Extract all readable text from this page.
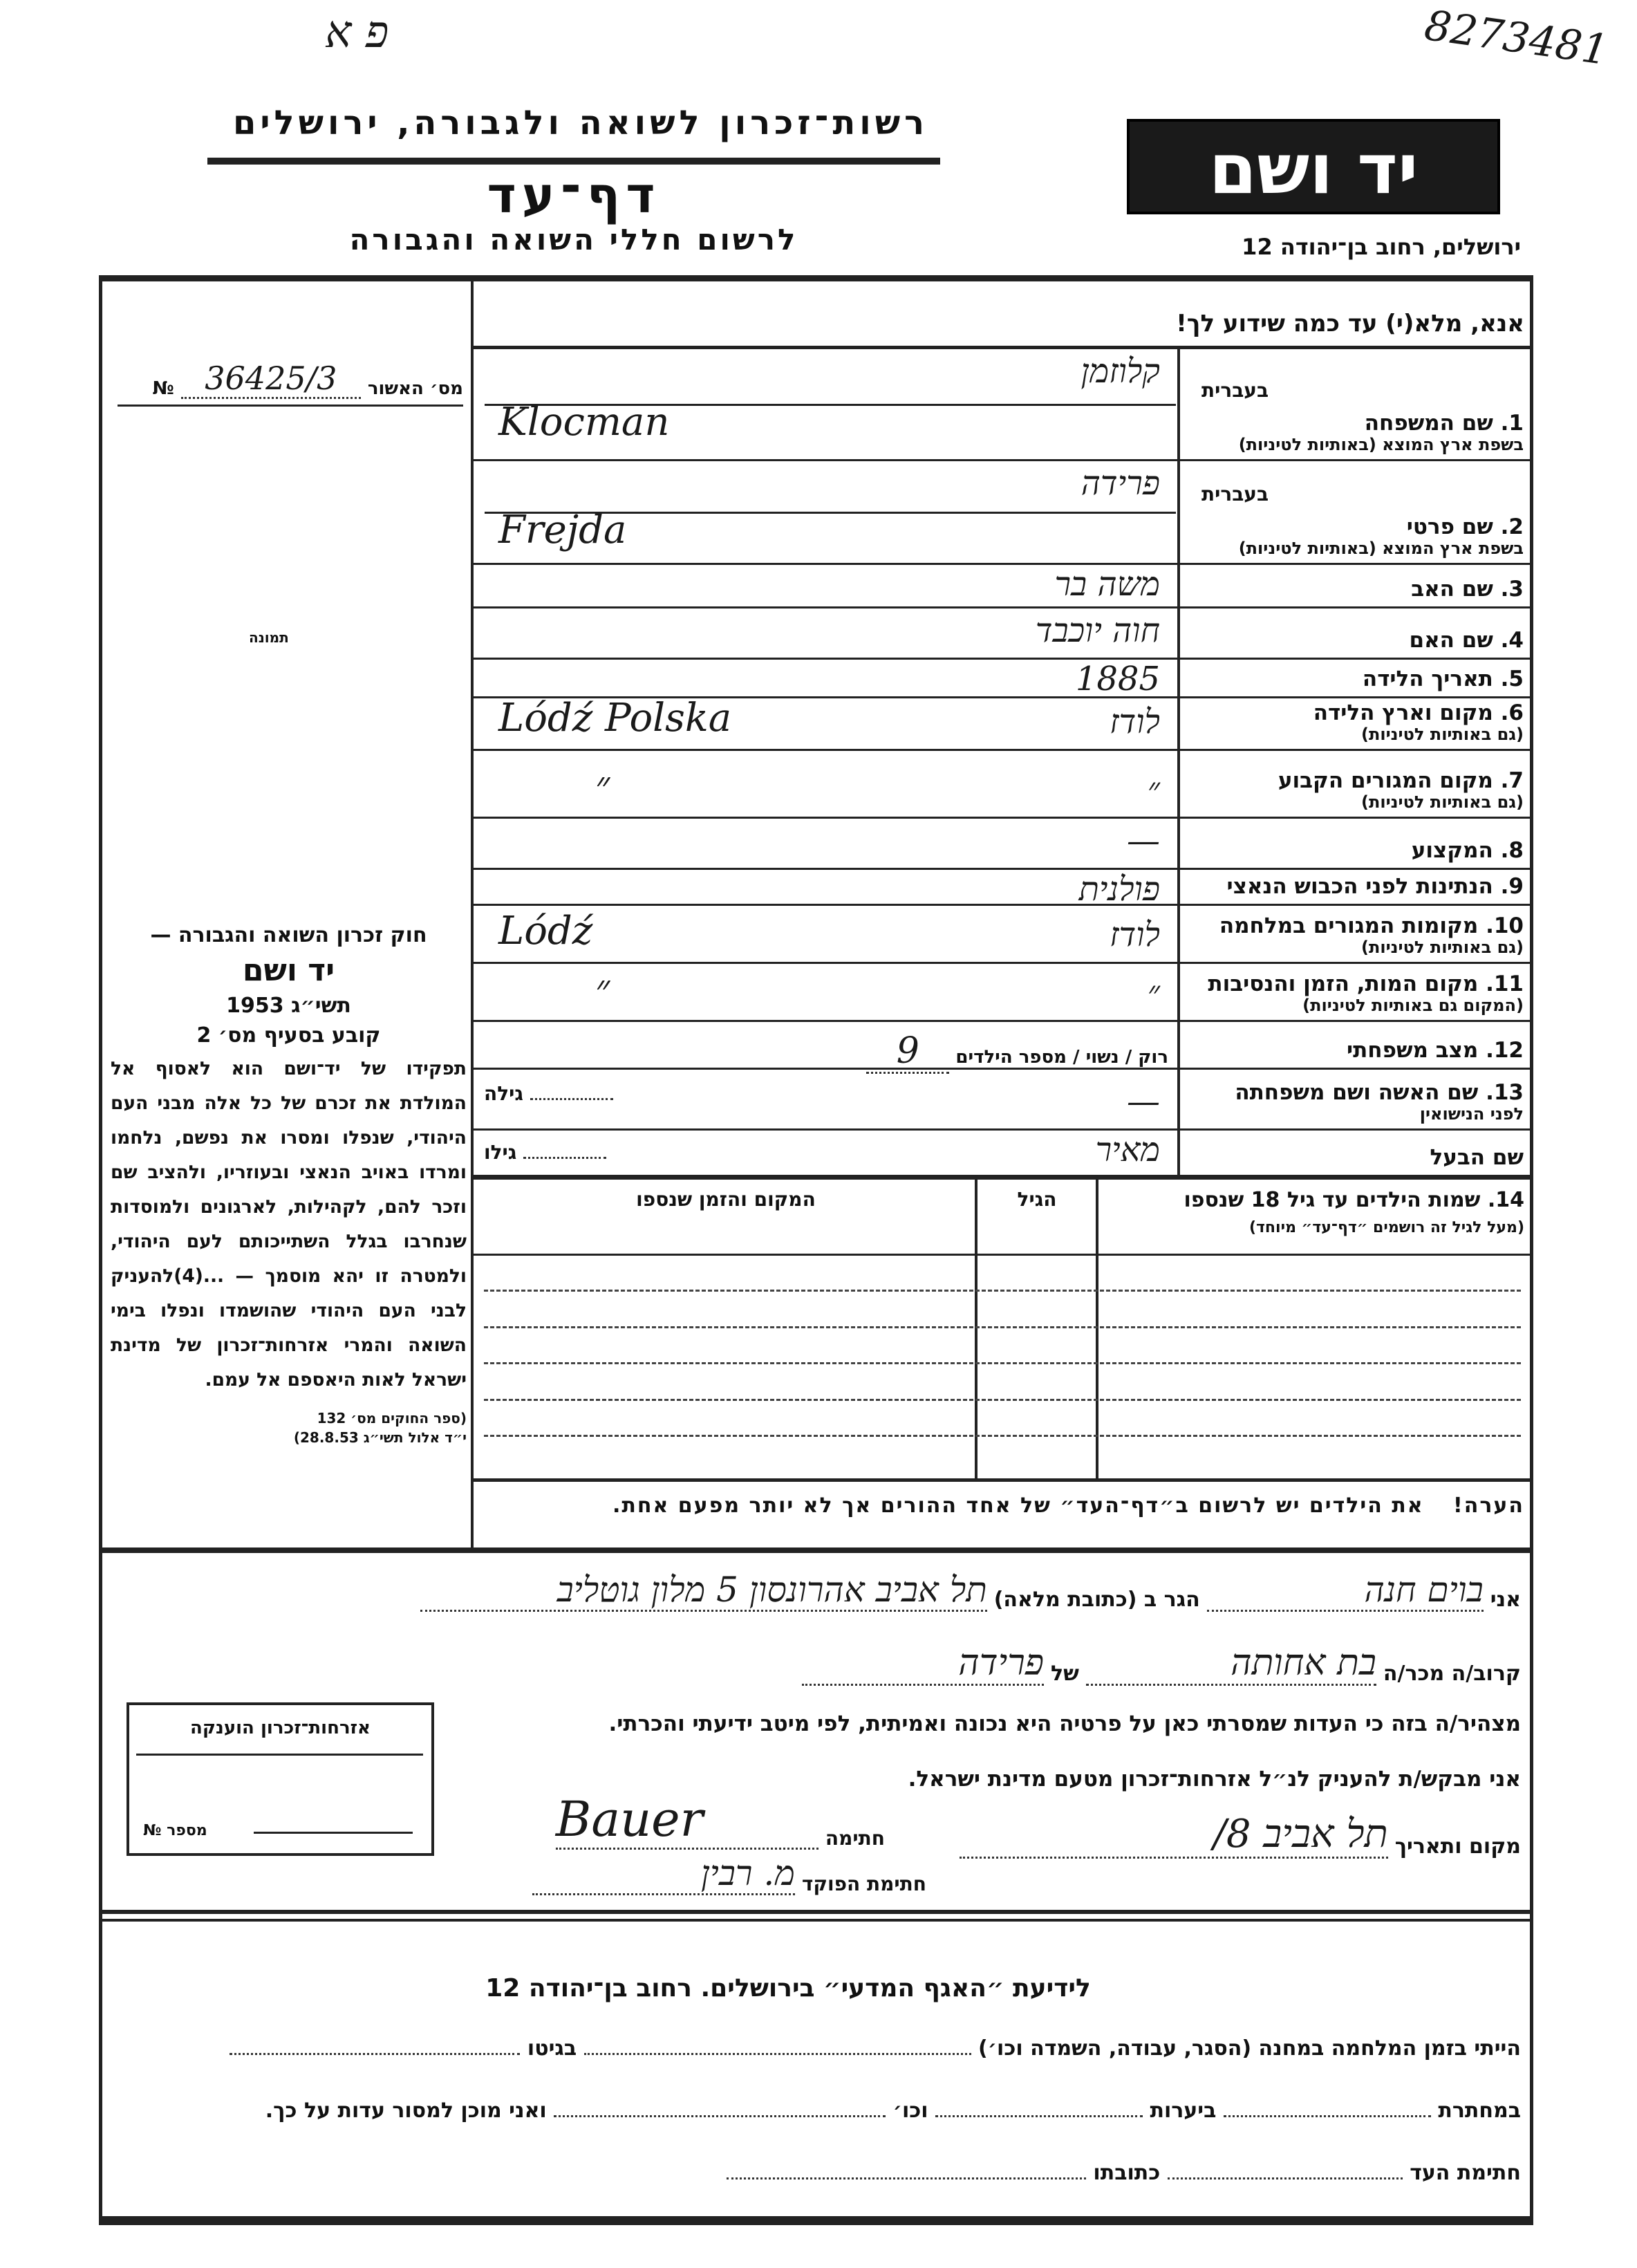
פ א	8273481
רשות־זכרון לשואה ולגבורה, ירושלים
דף־עד
לרשום חללי השואה והגבורה
יד ושם
ירושלים, רחוב בן־יהודה 12
מס׳ האשור
36425/3
№
תמונה
חוק זכרון השואה והגבורה —
יד ושם
תשי״ג 1953
קובע בסעיף מס׳ 2
תפקידו של יד־ושם הוא לאסוף אל המולדת את זכרם של כל אלה מבני העם היהודי, שנפלו ומסרו את נפשם, נלחמו ומרדו באויב הנאצי ובעוזריו, ולהציב שם וזכר להם, לקהילות, לארגונים ולמוסדות שנחרבו בגלל השתייכותם לעם היהודי, ולמטרה זו יהא מוסמך — ...(4)להעניק לבני העם היהודי שהושמדו ונפלו בימי השואה והמרי אזרחות־זכרון של מדינת ישראל לאות היאספם אל עמם.
(ספר החוקים מס׳ 132
י״ד אלול תשי״ג 28.8.53)
אנא, מלא(י) עד כמה שידוע לך!
בעברית
1. שם המשפחה
בשפת ארץ המוצא (באותיות לטיניות)
קלוזמן
Klocman
בעברית
2. שם פרטי
בשפת ארץ המוצא (באותיות לטיניות)
פרידה
Frejda
3. שם האב
משה בר
4. שם האם
חוה יוכבד
5. תאריך הלידה
1885
6. מקום וארץ הלידה
(גם באותיות לטיניות)
לודז
Lódź Polska
7. מקום המגורים הקבוע
(גם באותיות לטיניות)
״
״
8. המקצוע
—
9. הנתינות לפני הכבוש הנאצי
פולנית
10. מקומות המגורים במלחמה
(גם באותיות לטיניות)
לודז
Lódź
11. מקום המות, הזמן והנסיבות
(המקום גם באותיות לטיניות)
״
״
12. מצב משפחתי
13. שם האשה ושם משפחתה
לפני הנישואין
—
שם הבעל
מאיר
רוק / נשוי / מספר הילדים 9
גילה
גילו
14. שמות הילדים עד גיל 18 שנספו
(מעל לגיל זה רושמים ״דף־עד״ מיוחד)
הגיל
המקום והזמן שנספו
הערה! את הילדים יש לרשום ב״דף־העד״ של אחד ההורים אך לא יותר מפעם אחת.
אני
בוים חנה
הגר ב (כתובת מלאה)
תל אביב אהרונסון 5 מלון גוטליב
קרוב/ה מכר/ה
בת אחותה
של
פרידה
מצהיר/ה בזה כי העדות שמסרתי כאן על פרטיה היא נכונה ואמיתית, לפי מיטב ידיעתי והכרתי.
אני מבקש/ת להעניק לנ״ל אזרחות־זכרון מטעם מדינת ישראל.
מקום ותאריך
תל אביב 8/
חתימה
Bauer
חתימת הפוקד
מ. רבין
אזרחות־זכרון הוענקה
מספר №
לידיעת ״האגף המדעי״ בירושלים. רחוב בן־יהודה 12
הייתי בזמן המלחמה במחנה (הסגר, עבודה, השמדה וכו׳)  בגיטו
במחתרת  ביערות  וכו׳  ואני מוכן למסור עדות על כך.
חתימת העד  כתובתו
